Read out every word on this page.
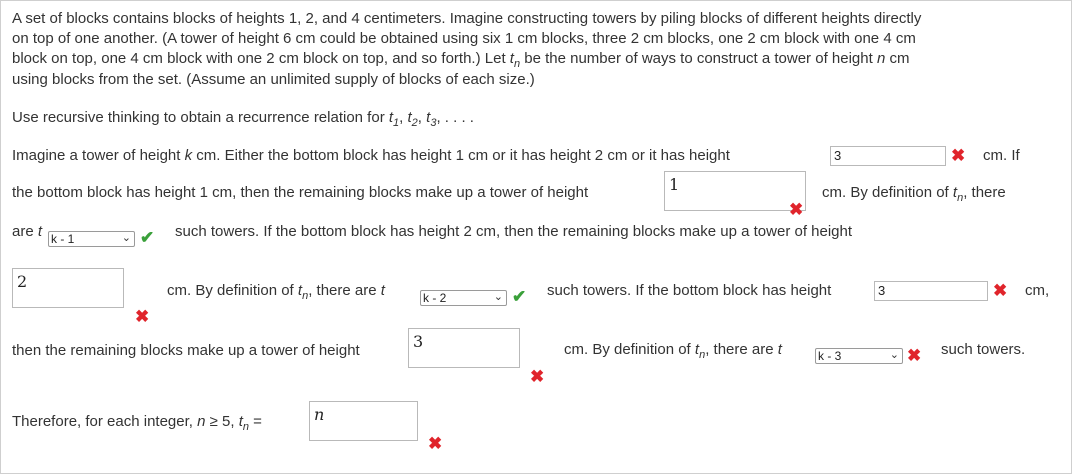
A set of blocks contains blocks of heights 1, 2, and 4 centimeters. Imagine constructing towers by piling blocks of different heights directly
on top of one another. (A tower of height 6 cm could be obtained using six 1 cm blocks, three 2 cm blocks, one 2 cm block with one 4 cm
block on top, one 4 cm block with one 2 cm block on top, and so forth.) Let $t_n$ be the number of ways to construct a tower of height n cm
using blocks from the set. (Assume an unlimited supply of blocks of each size.)
Use recursive thinking to obtain a recurrence relation for $t_1$, $t_2$, $t_3$, . . . .
Imagine a tower of height k cm. Either the bottom block has height 1 cm or it has height 2 cm or it has height	3	✖ cm. If
the bottom block has height 1 cm, then the remaining blocks make up a tower of height	1	cm. By definition of $t_n$, there
✖
are t k - 1	⌄ ✔ such towers. If the bottom block has height 2 cm, then the remaining blocks make up a tower of height
2
✖
cm. By definition of $t_n$, there are t	k - 2	⌄ ✔ such towers. If the bottom block has height	3	✖ cm,
then the remaining blocks make up a tower of height	3
✖
cm. By definition of $t_n$, there are t	k - 3	⌄ ✖ such towers.
Therefore, for each integer, n ≥ 5, $t_n$ =	n
✖
